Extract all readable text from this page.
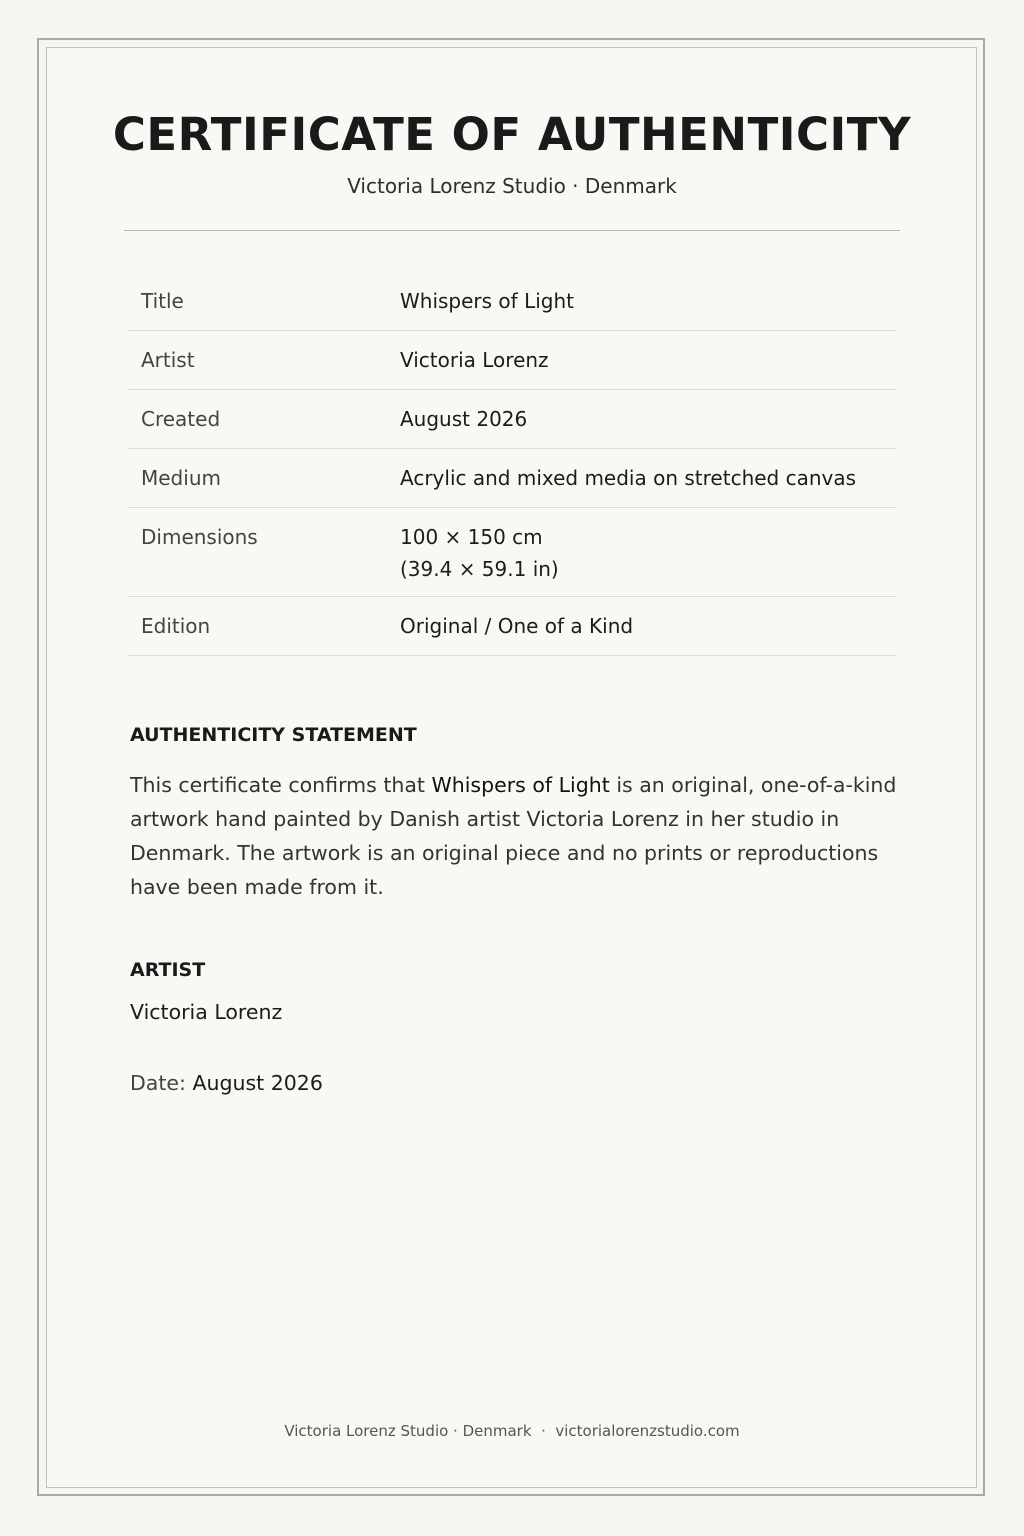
CERTIFICATE OF AUTHENTICITY
Victoria Lorenz Studio · Denmark
Title	Whispers of Light
Artist	Victoria Lorenz
Created	August 2026
Medium	Acrylic and mixed media on stretched canvas
Dimensions	100 × 150 cm
(39.4 × 59.1 in)
Edition	Original / One of a Kind
AUTHENTICITY STATEMENT

This certificate confirms that Whispers of Light is an original, one-of-a-kind artwork hand painted by Danish artist Victoria Lorenz in her studio in Denmark. The artwork is an original piece and no prints or reproductions have been made from it.

ARTIST
Victoria Lorenz
Date: August 2026
Victoria Lorenz Studio · Denmark  ·  victorialorenzstudio.com
